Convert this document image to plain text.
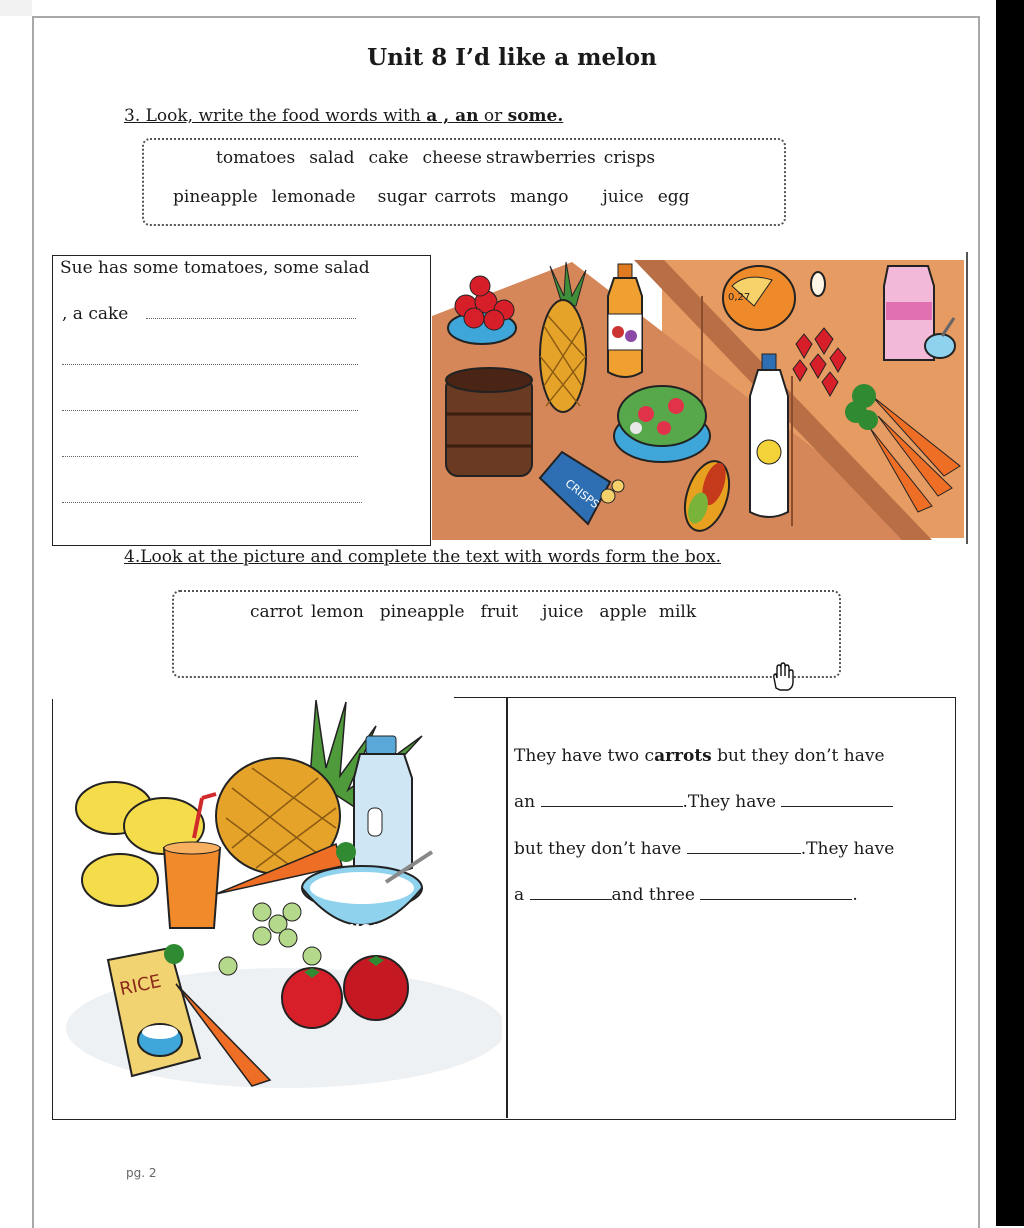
Unit 8 I’d like a melon
3. Look, write the food words with a , an or some.
tomatoes salad cake cheese strawberries crisps
pineapple lemonade sugar carrots mango juice egg
Sue has some tomatoes, some salad
, a cake
CRISPS
0,27
4.Look at the picture and complete the text with words form the box.
carrot lemon pineapple fruit juice apple milk
SUGAR
RICE
They have two carrots but they don’t have
an	.They have
but they don’t have	.They have
a	and three	.
pg. 2
